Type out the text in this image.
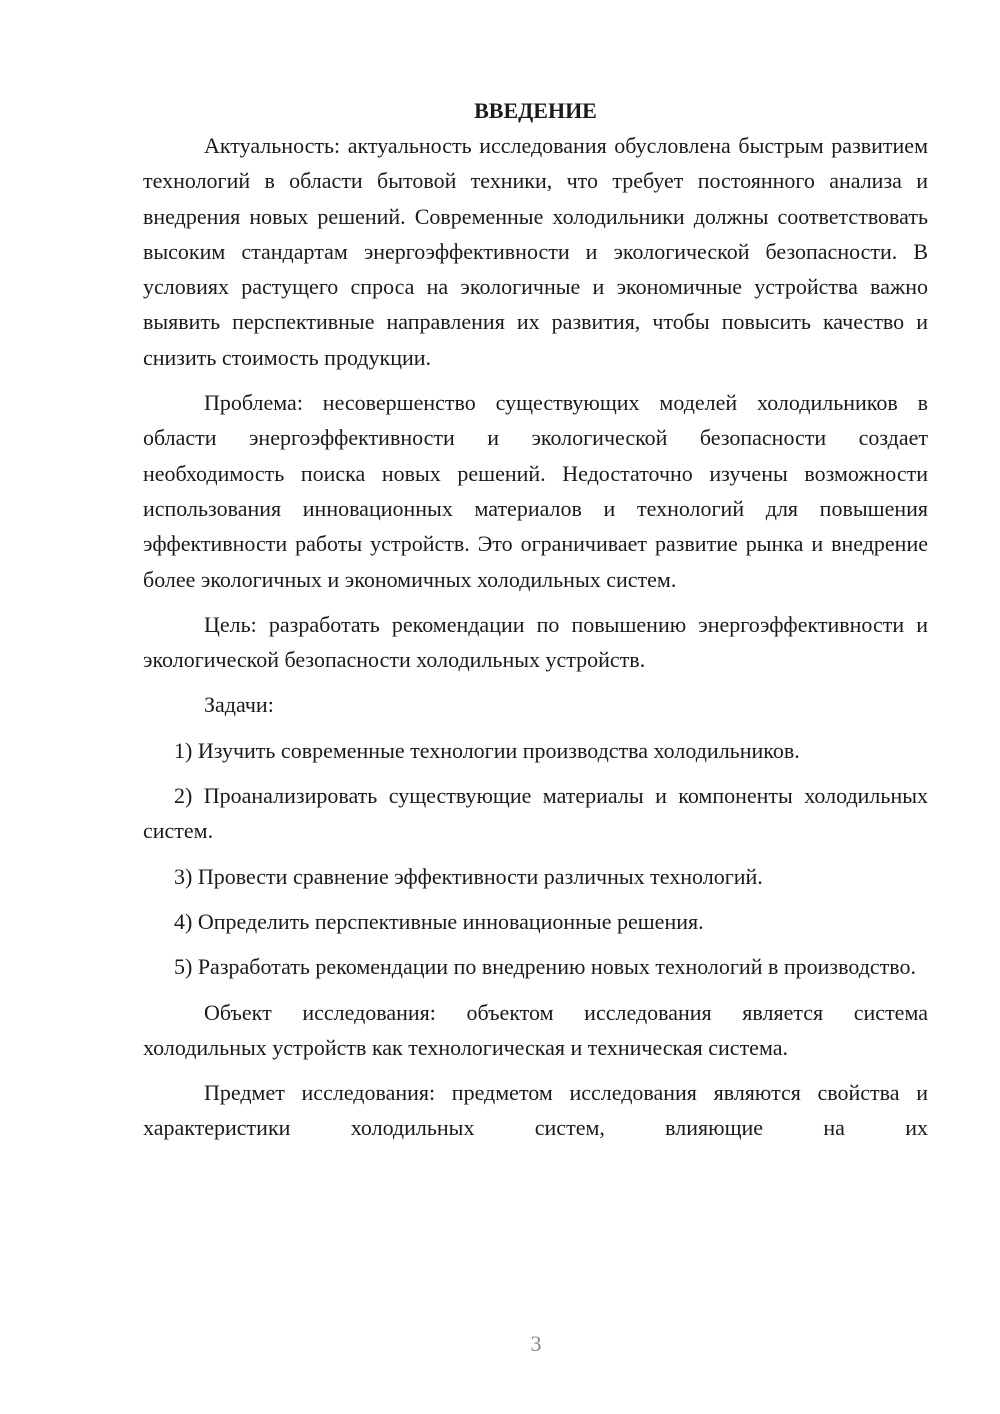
ВВЕДЕНИЕ

Актуальность: актуальность исследования обусловлена быстрым развитием технологий в области бытовой техники, что требует постоянного анализа и внедрения новых решений. Современные холодильники должны соответствовать высоким стандартам энергоэффективности и экологической безопасности. В условиях растущего спроса на экологичные и экономичные устройства важно выявить перспективные направления их развития, чтобы повысить качество и снизить стоимость продукции.

Проблема: несовершенство существующих моделей холодильников в области энергоэффективности и экологической безопасности создает необходимость поиска новых решений. Недостаточно изучены возможности использования инновационных материалов и технологий для повышения эффективности работы устройств. Это ограничивает развитие рынка и внедрение более экологичных и экономичных холодильных систем.

Цель: разработать рекомендации по повышению энергоэффективности и экологической безопасности холодильных устройств.

Задачи:

1) Изучить современные технологии производства холодильников.

2) Проанализировать существующие материалы и компоненты холодильных систем.

3) Провести сравнение эффективности различных технологий.

4) Определить перспективные инновационные решения.

5) Разработать рекомендации по внедрению новых технологий в производство.

Объект исследования: объектом исследования является система холодильных устройств как технологическая и техническая система.

Предмет исследования: предметом исследования являются свойства и характеристики холодильных систем, влияющие на их

3
